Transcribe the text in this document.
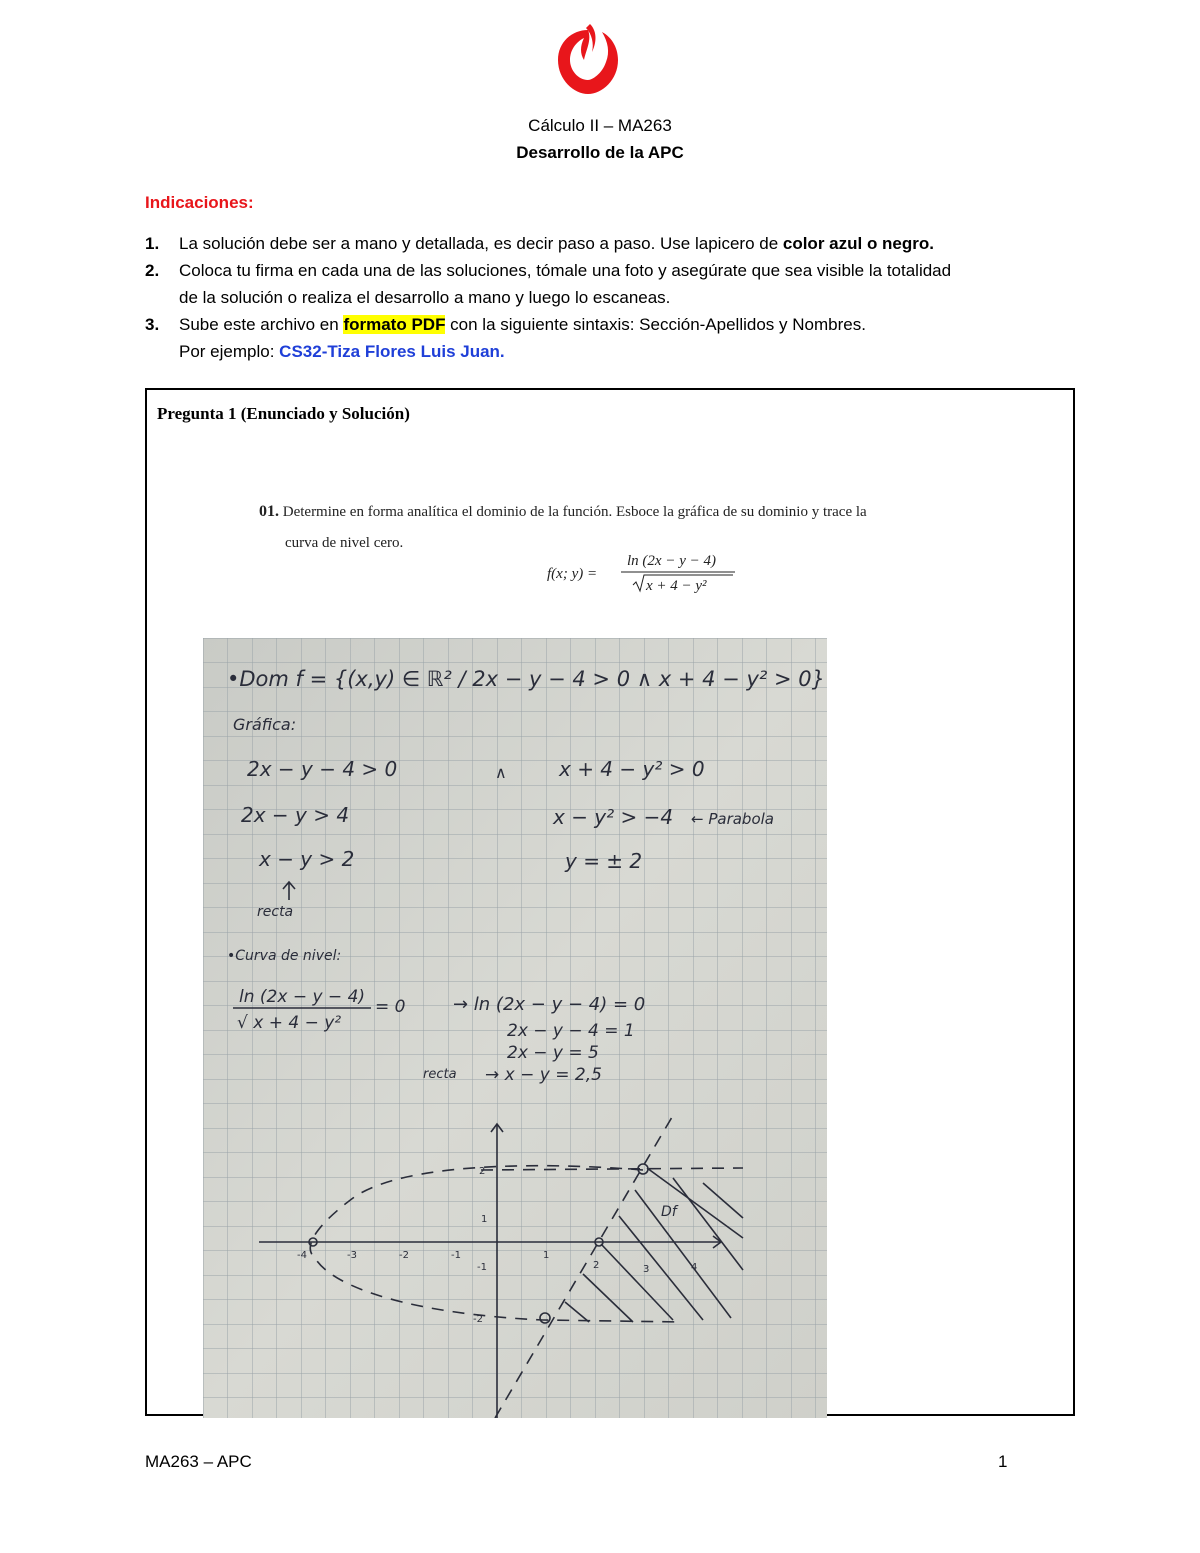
Cálculo II – MA263
Desarrollo de la APC
Indicaciones:
1. La solución debe ser a mano y detallada, es decir paso a paso. Use lapicero de color azul o negro.
2. Coloca tu firma en cada una de las soluciones, tómale una foto y asegúrate que sea visible la totalidad
de la solución o realiza el desarrollo a mano y luego lo escaneas.
3. Sube este archivo en formato PDF con la siguiente sintaxis: Sección-Apellidos y Nombres.
Por ejemplo: CS32-Tiza Flores Luis Juan.
Pregunta 1 (Enunciado y Solución)
01. Determine en forma analítica el dominio de la función. Esboce la gráfica de su dominio y trace la
curva de nivel cero.
f(x; y) =
ln (2x − y − 4)
x + 4 − y²
•Dom f = {(x,y) ∈ ℝ² / 2x − y − 4 > 0 ∧ x + 4 − y² > 0}
Gráfica:
2x − y − 4 > 0	∧	x + 4 − y² > 0
2x − y > 4	x − y² > −4 ← Parabola
x − y > 2	y = ± 2
recta
•Curva de nivel:
ln (2x − y − 4)
√ x + 4 − y²
= 0	→ ln (2x − y − 4) = 0
2x − y − 4 = 1
2x − y = 5
recta → x − y = 2,5
-4	-3	-2	-1	1
2	3	4
2
1
-1
-2
Df
MA263 – APC	1
